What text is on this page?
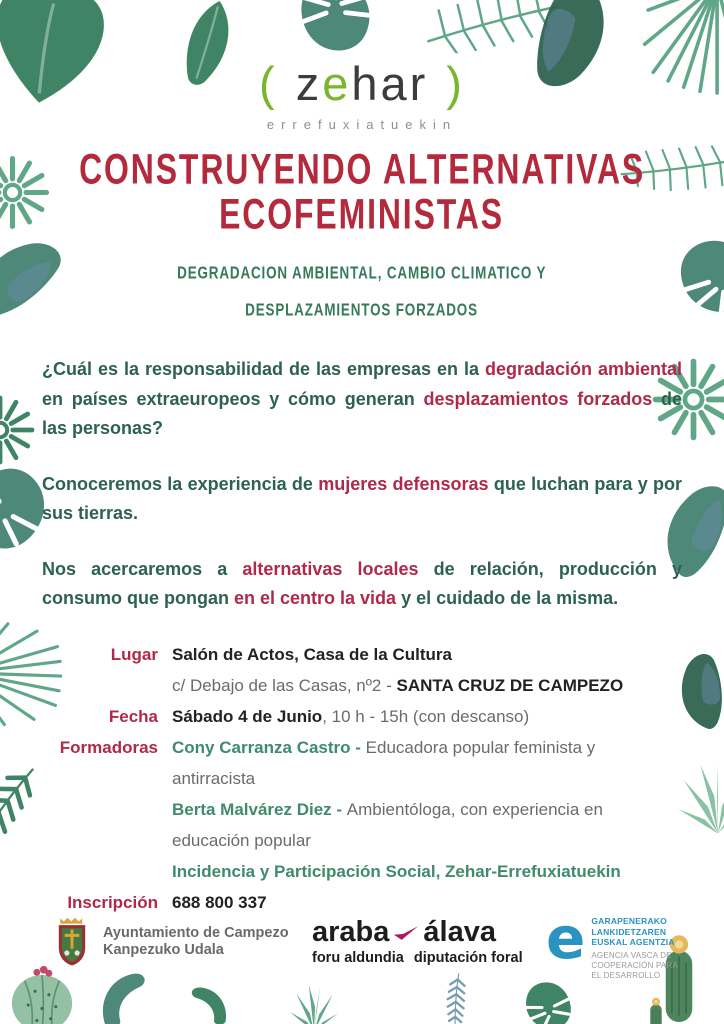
( zehar )
errefuxiatuekin
CONSTRUYENDO ALTERNATIVAS
ECOFEMINISTAS
DEGRADACION AMBIENTAL, CAMBIO CLIMATICO Y
DESPLAZAMIENTOS FORZADOS

¿Cuál es la responsabilidad de las empresas en la degradación ambiental en países extraeuropeos y cómo generan desplazamientos forzados de las personas?

Conoceremos la experiencia de mujeres defensoras que luchan para y por sus tierras.

Nos acercaremos a alternativas locales de relación, producción y consumo que pongan en el centro la vida y el cuidado de la misma.

Lugar Salón de Actos, Casa de la Cultura
c/ Debajo de las Casas, nº2 - SANTA CRUZ DE CAMPEZO
Fecha Sábado 4 de Junio, 10 h - 15h (con descanso)
Formadoras Cony Carranza Castro - Educadora popular feminista y antirracista
Berta Malvárez Diez - Ambientóloga, con experiencia en educación popular
Incidencia y Participación Social, Zehar-Errefuxiatuekin
Inscripción 688 800 337
Ayuntamiento de Campezo
Kanpezuko Udala
araba álava
foru aldundia diputación foral e GARAPENERAKO
LANKIDETZAREN
EUSKAL AGENTZIA
AGENCIA VASCA DE
COOPERACIÓN PARA
EL DESARROLLO
